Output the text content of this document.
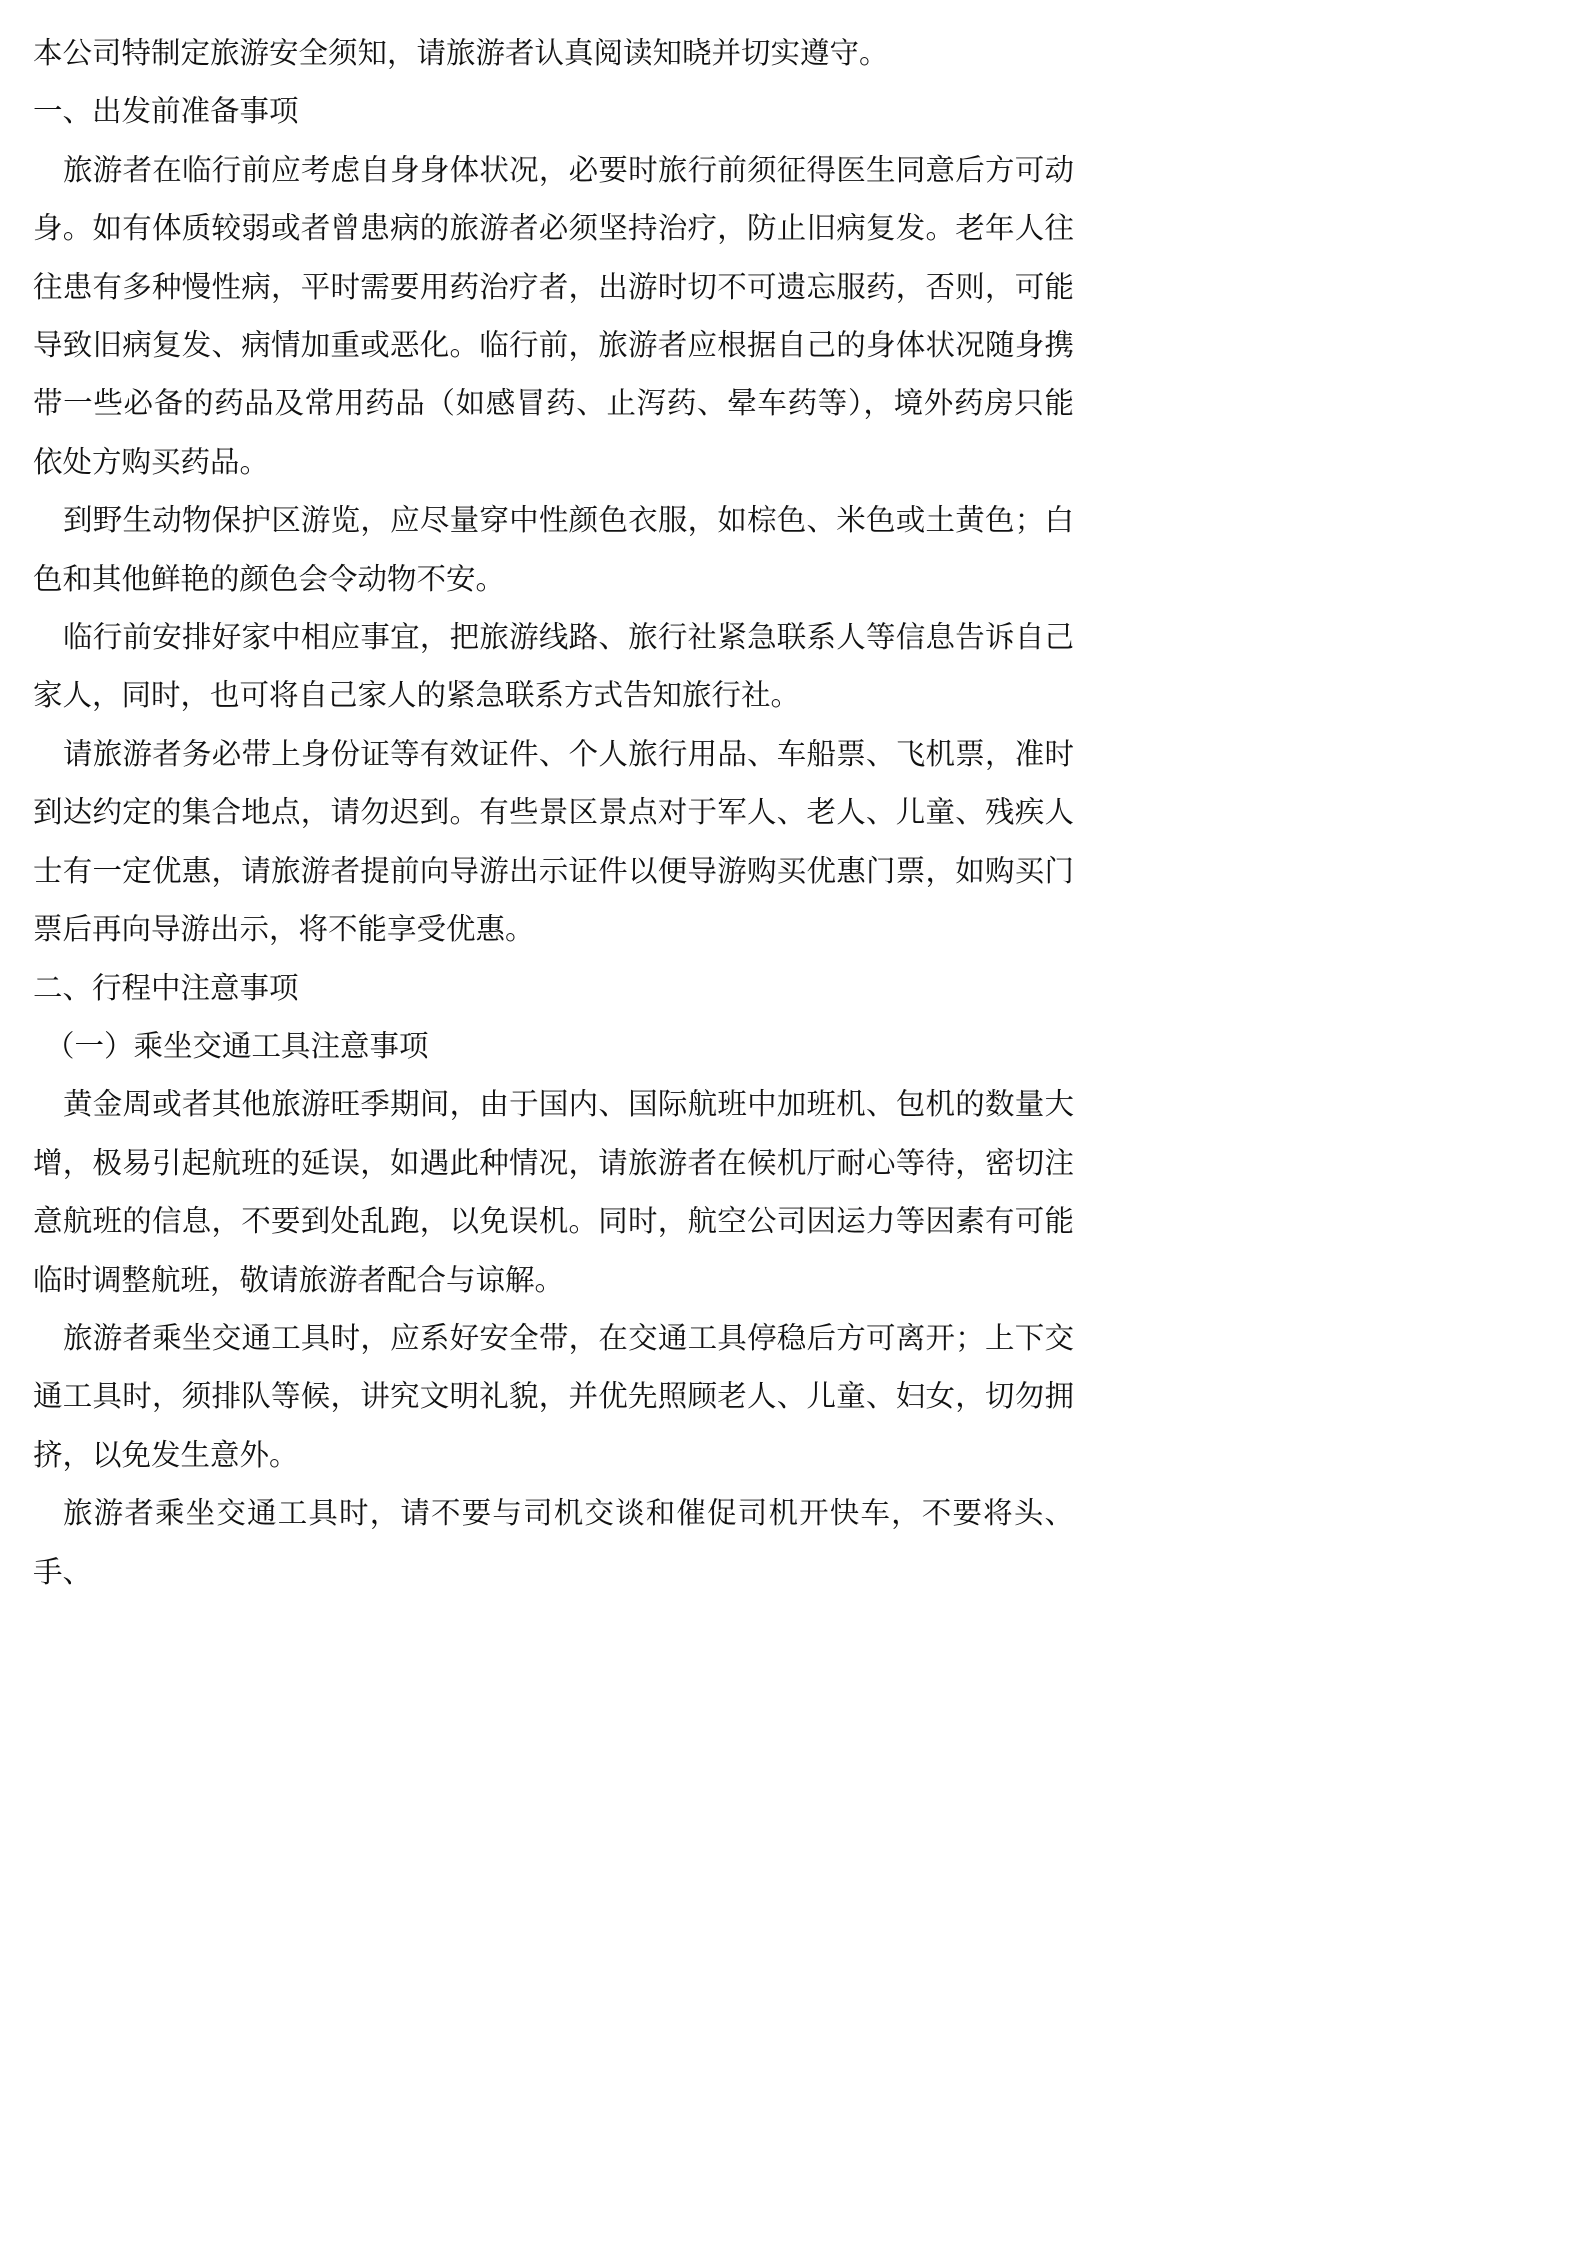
本公司特制定旅游安全须知，请旅游者认真阅读知晓并切实遵守。

一、出发前准备事项

旅游者在临行前应考虑自身身体状况，必要时旅行前须征得医生同意后方可动身。如有体质较弱或者曾患病的旅游者必须坚持治疗，防止旧病复发。老年人往往患有多种慢性病，平时需要用药治疗者，出游时切不可遗忘服药，否则，可能导致旧病复发、病情加重或恶化。临行前，旅游者应根据自己的身体状况随身携带一些必备的药品及常用药品（如感冒药、止泻药、晕车药等），境外药房只能依处方购买药品。

到野生动物保护区游览，应尽量穿中性颜色衣服，如棕色、米色或土黄色；白色和其他鲜艳的颜色会令动物不安。

临行前安排好家中相应事宜，把旅游线路、旅行社紧急联系人等信息告诉自己家人，同时，也可将自己家人的紧急联系方式告知旅行社。

请旅游者务必带上身份证等有效证件、个人旅行用品、车船票、飞机票，准时到达约定的集合地点，请勿迟到。有些景区景点对于军人、老人、儿童、残疾人士有一定优惠，请旅游者提前向导游出示证件以便导游购买优惠门票，如购买门票后再向导游出示，将不能享受优惠。

二、行程中注意事项

（一）乘坐交通工具注意事项

黄金周或者其他旅游旺季期间，由于国内、国际航班中加班机、包机的数量大增，极易引起航班的延误，如遇此种情况，请旅游者在候机厅耐心等待，密切注意航班的信息，不要到处乱跑，以免误机。同时，航空公司因运力等因素有可能临时调整航班，敬请旅游者配合与谅解。

旅游者乘坐交通工具时，应系好安全带，在交通工具停稳后方可离开；上下交通工具时，须排队等候，讲究文明礼貌，并优先照顾老人、儿童、妇女，切勿拥挤，以免发生意外。

旅游者乘坐交通工具时，请不要与司机交谈和催促司机开快车，不要将头、手、
